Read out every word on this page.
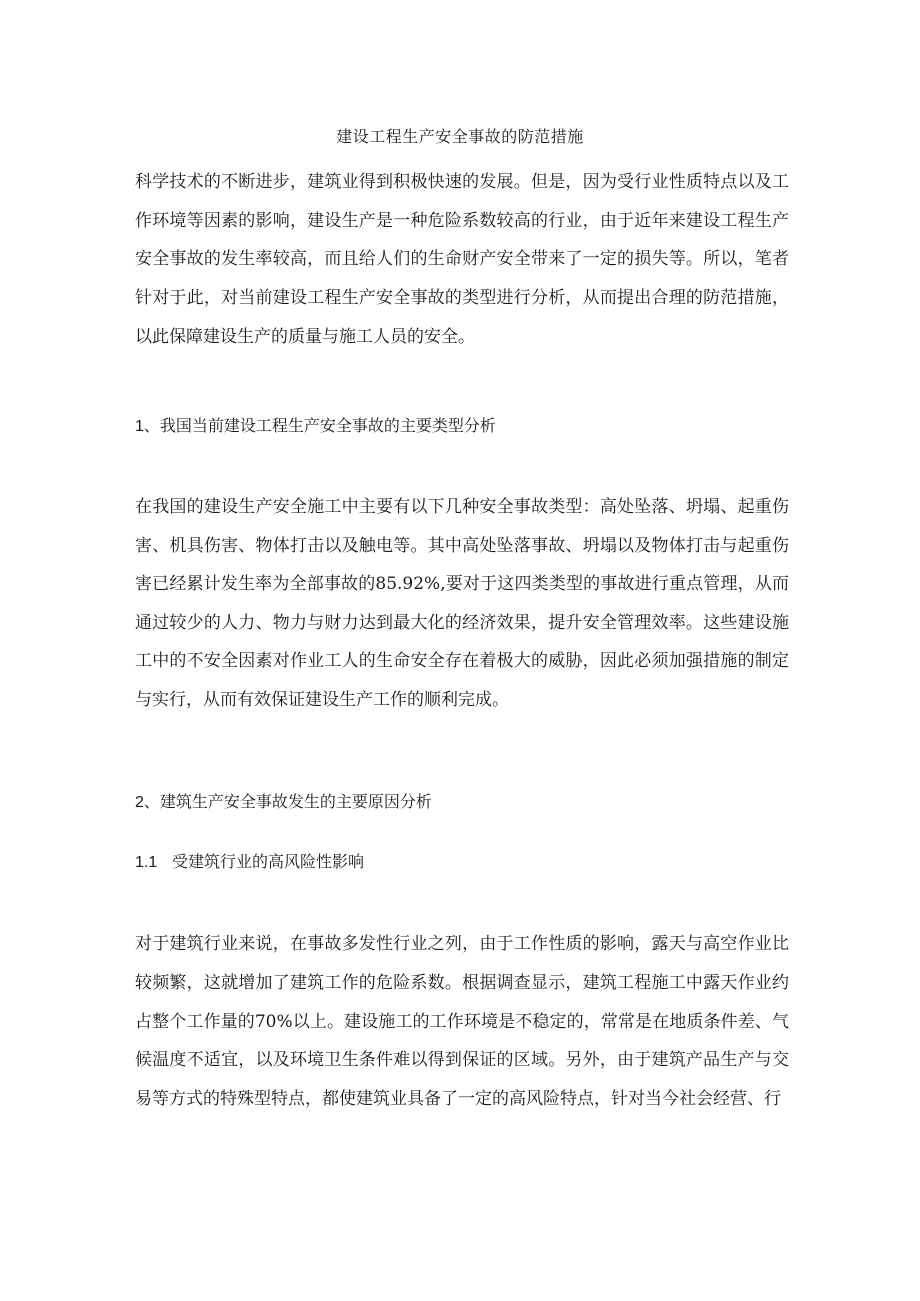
建设工程生产安全事故的防范措施

科学技术的不断进步，建筑业得到积极快速的发展。但是，因为受行业性质特点以及工作环境等因素的影响，建设生产是一种危险系数较高的行业，由于近年来建设工程生产安全事故的发生率较高，而且给人们的生命财产安全带来了一定的损失等。所以，笔者针对于此，对当前建设工程生产安全事故的类型进行分析，从而提出合理的防范措施，以此保障建设生产的质量与施工人员的安全。

1、我国当前建设工程生产安全事故的主要类型分析

在我国的建设生产安全施工中主要有以下几种安全事故类型：高处坠落、坍塌、起重伤害、机具伤害、物体打击以及触电等。其中高处坠落事故、坍塌以及物体打击与起重伤害已经累计发生率为全部事故的85.92%,要对于这四类类型的事故进行重点管理，从而通过较少的人力、物力与财力达到最大化的经济效果，提升安全管理效率。这些建设施工中的不安全因素对作业工人的生命安全存在着极大的威胁，因此必须加强措施的制定与实行，从而有效保证建设生产工作的顺利完成。

2、建筑生产安全事故发生的主要原因分析
1.1 受建筑行业的高风险性影响

对于建筑行业来说，在事故多发性行业之列，由于工作性质的影响，露天与高空作业比较频繁，这就增加了建筑工作的危险系数。根据调查显示，建筑工程施工中露天作业约占整个工作量的70%以上。建设施工的工作环境是不稳定的，常常是在地质条件差、气候温度不适宜，以及环境卫生条件难以得到保证的区域。另外，由于建筑产品生产与交易等方式的特殊型特点，都使建筑业具备了一定的高风险特点，针对当今社会经营、行
